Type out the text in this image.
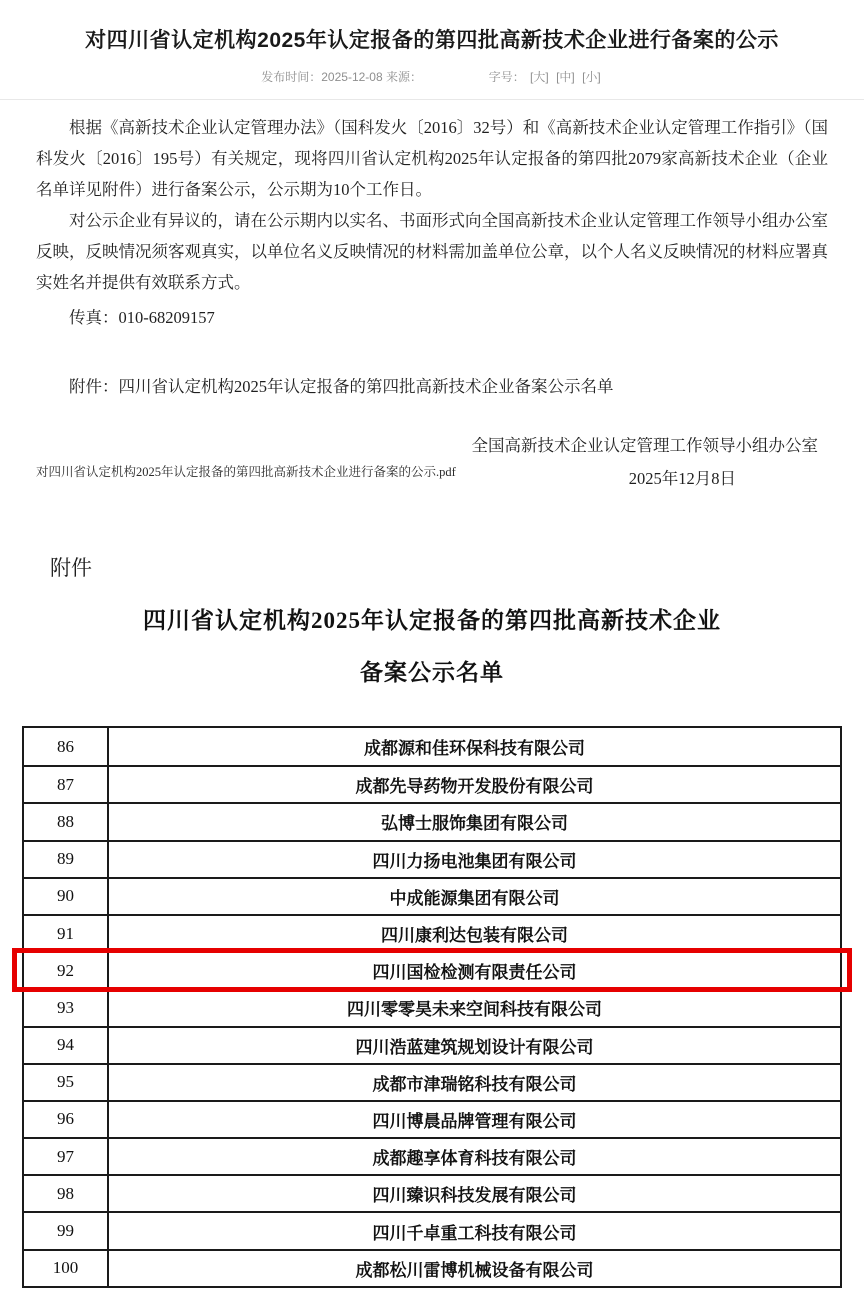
对四川省认定机构2025年认定报备的第四批高新技术企业进行备案的公示
发布时间：2025-12-08 来源：	字号： [大] [中] [小]

根据《高新技术企业认定管理办法》（国科发火〔2016〕32号）和《高新技术企业认定管理工作指引》（国科发火〔2016〕195号）有关规定，现将四川省认定机构2025年认定报备的第四批2079家高新技术企业（企业名单详见附件）进行备案公示，公示期为10个工作日。

对公示企业有异议的，请在公示期内以实名、书面形式向全国高新技术企业认定管理工作领导小组办公室反映，反映情况须客观真实，以单位名义反映情况的材料需加盖单位公章，以个人名义反映情况的材料应署真实姓名并提供有效联系方式。

传真：010-68209157

附件：四川省认定机构2025年认定报备的第四批高新技术企业备案公示名单

全国高新技术企业认定管理工作领导小组办公室

2025年12月8日

对四川省认定机构2025年认定报备的第四批高新技术企业进行备案的公示.pdf
附件
四川省认定机构2025年认定报备的第四批高新技术企业
备案公示名单
86	成都源和佳环保科技有限公司
87	成都先导药物开发股份有限公司
88	弘博士服饰集团有限公司
89	四川力扬电池集团有限公司
90	中成能源集团有限公司
91	四川康利达包装有限公司
92	四川国检检测有限责任公司
93	四川零零昊未来空间科技有限公司
94	四川浩蓝建筑规划设计有限公司
95	成都市津瑞铭科技有限公司
96	四川博晨品牌管理有限公司
97	成都趣享体育科技有限公司
98	四川臻识科技发展有限公司
99	四川千卓重工科技有限公司
100	成都松川雷博机械设备有限公司
